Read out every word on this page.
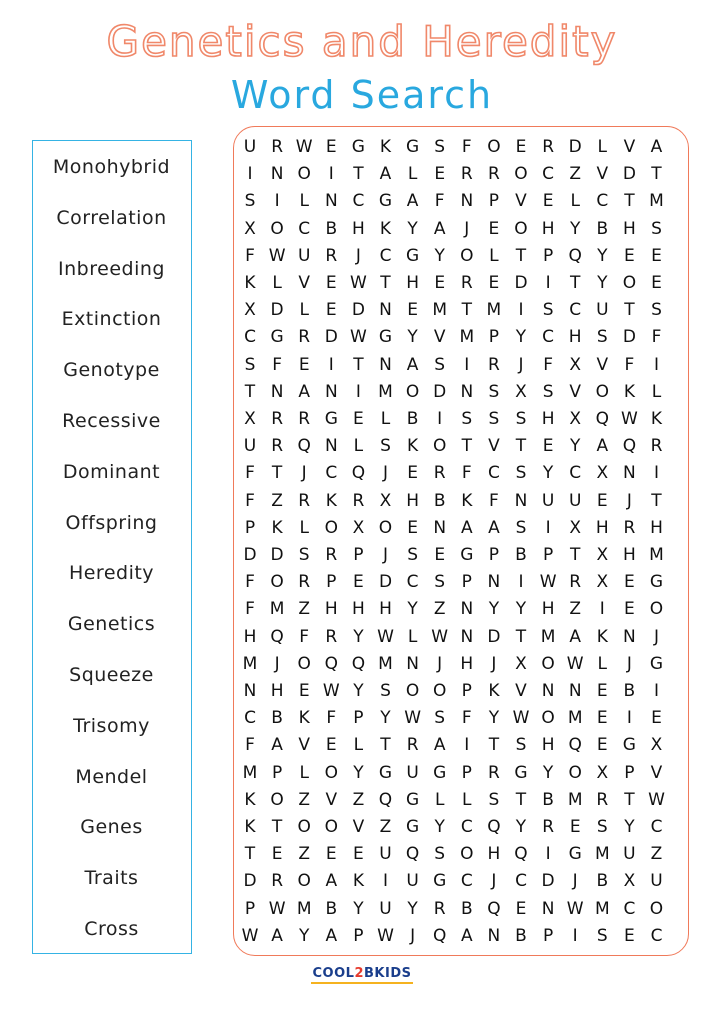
Genetics and Heredity
Word Search
Monohybrid
Correlation
Inbreeding
Extinction
Genotype
Recessive
Dominant
Offspring
Heredity
Genetics
Squeeze
Trisomy
Mendel
Genes
Traits
Cross
U R W E G K G S F O E R D L V A
I	N O	I	T A L E R R O C Z V D T
S	I	L N C G A F N P V E L C T M
X O C B H K Y A	J	E O H Y B H S
F W U R	J	C G Y O L	T P Q Y E E
K L V E W T H E R E D	I	T Y O E
X D L	E D N E M T M	I	S C U T S
C G R D W G Y V M P Y C H S D F
S F E	I	T N A S	I	R	J	F X V F	I
T N A N	I	M O D N S X S V O K L
X R R G E L B	I	S S S H X Q W K
U R Q N L S K O T V T E Y A Q R
F	T	J	C Q	J	E R F C S Y C X N	I
F Z R K R X H B K F N U U E	J	T
P K L O X O E N A A S	I	X H R H
D D S R P	J	S E G P B P T X H M
F O R P E D C S P N	I W R X E G
F M Z H H H Y Z N Y Y H Z	I	E O
H Q F R Y W L W N D T M A K N	J
M	J	O Q Q M N	J	H	J	X O W L	J	G
N H E W Y S O O P K V N N E B	I
C B K F	P Y W S F	Y W O M E	I	E
F A V E L	T R A	I	T S H Q E G X
M P	L O Y G U G P R G Y O X P V
K O Z V Z Q G L	L S T B M R T W
K T O O V Z G Y C Q Y R E S Y C
T E Z E E U Q S O H Q	I	G M U Z
D R O A K	I	U G C	J	C D	J	B X U
P W M B Y U Y R B Q E N W M C O
W A Y A P W J	Q A N B P	I	S E C
COOL2BKIDS
